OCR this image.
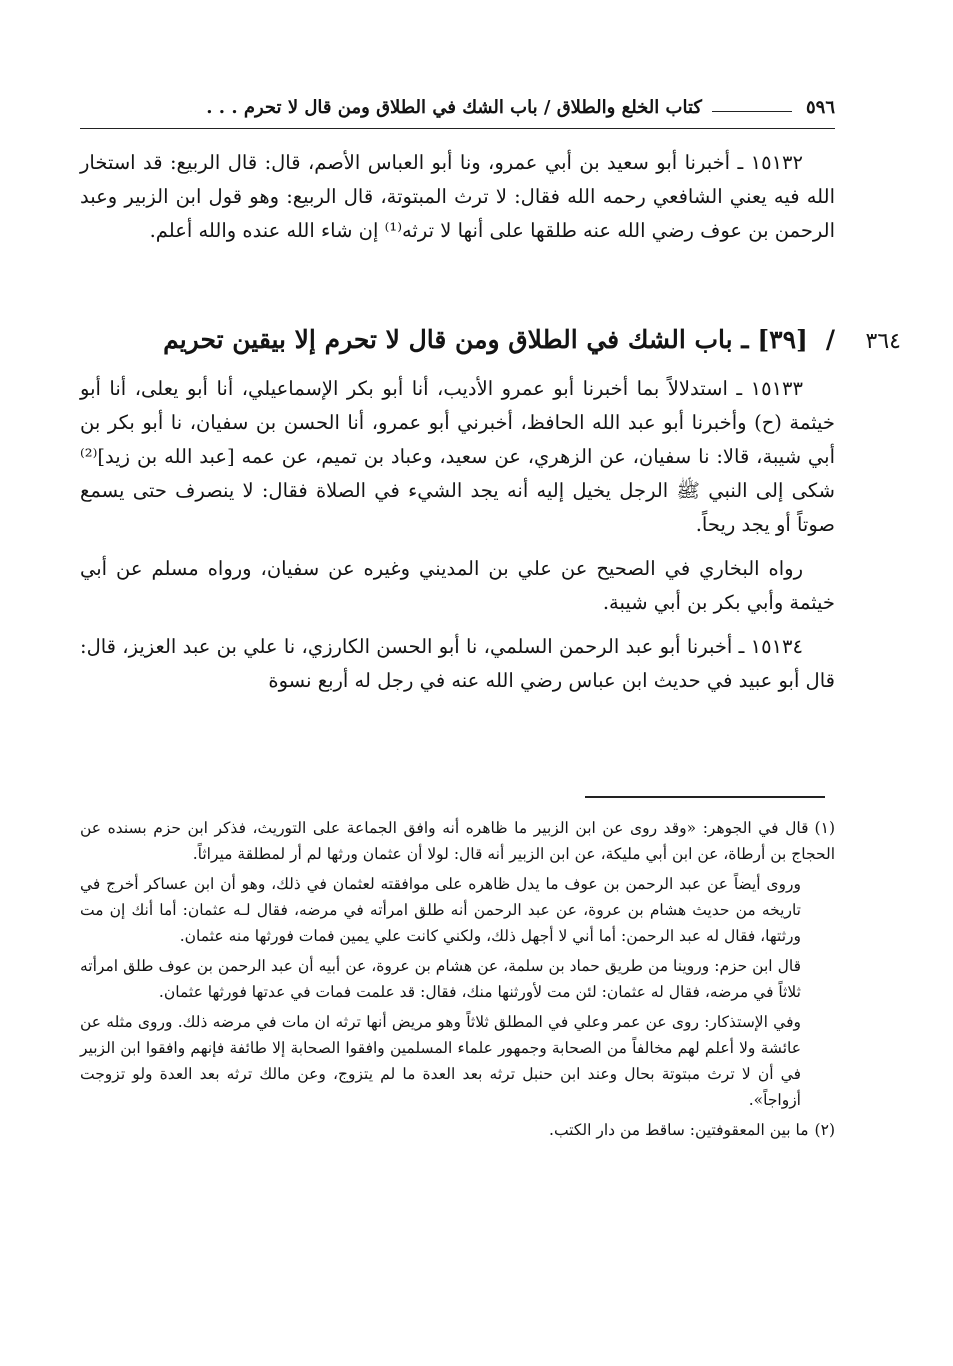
٥٩٦
كتاب الخلع والطلاق / باب الشك في الطلاق ومن قال لا تحرم . . .

١٥١٣٢ ـ أخبرنا أبو سعيد بن أبي عمرو، ونا أبو العباس الأصم، قال: قال الربيع: قد استخار الله فيه يعني الشافعي رحمه الله فقال: لا ترث المبتوتة، قال الربيع: وهو قول ابن الزبير وعبد الرحمن بن عوف رضي الله عنه طلقها على أنها لا ترثه⁽¹⁾ إن شاء الله عنده والله أعلم.

٣٦٤
/
[٣٩] ـ باب الشك في الطلاق ومن قال لا تحرم إلا بيقين تحريم

١٥١٣٣ ـ استدلالاً بما أخبرنا أبو عمرو الأديب، أنا أبو بكر الإسماعيلي، أنا أبو يعلى، أنا أبو خيثمة (ح) وأخبرنا أبو عبد الله الحافظ، أخبرني أبو عمرو، أنا الحسن بن سفيان، نا أبو بكر بن أبي شيبة، قالا: نا سفيان، عن الزهري، عن سعيد، وعباد بن تميم، عن عمه [عبد الله بن زيد]⁽²⁾ شكى إلى النبي ﷺ الرجل يخيل إليه أنه يجد الشيء في الصلاة فقال: لا ينصرف حتى يسمع صوتاً أو يجد ريحاً.

رواه البخاري في الصحيح عن علي بن المديني وغيره عن سفيان، ورواه مسلم عن أبي خيثمة وأبي بكر بن أبي شيبة.

١٥١٣٤ ـ أخبرنا أبو عبد الرحمن السلمي، نا أبو الحسن الكارزي، نا علي بن عبد العزيز، قال: قال أبو عبيد في حديث ابن عباس رضي الله عنه في رجل له أربع نسوة

(١)قال في الجوهر: «وقد روى عن ابن الزبير ما ظاهره أنه وافق الجماعة على التوريث، فذكر ابن حزم بسنده عن الحجاج بن أرطاة، عن ابن أبي مليكة، عن ابن الزبير أنه قال: لولا أن عثمان ورثها لم أر لمطلقة ميراثاً.
وروى أيضاً عن عبد الرحمن بن عوف ما يدل ظاهره على موافقته لعثمان في ذلك، وهو أن ابن عساكر أخرج في تاريخه من حديث هشام بن عروة، عن عبد الرحمن أنه طلق امرأته في مرضه، فقال لـه عثمان: أما أنك إن مت ورثتها، فقال له عبد الرحمن: أما أني لا أجهل ذلك، ولكني كانت علي يمين فمات فورثها منه عثمان.
قال ابن حزم: وروينا من طريق حماد بن سلمة، عن هشام بن عروة، عن أبيه أن عبد الرحمن بن عوف طلق امرأته ثلاثاً في مرضه، فقال له عثمان: لئن مت لأورثنها منك، فقال: قد علمت فمات في عدتها فورثها عثمان.
وفي الإستذكار: روى عن عمر وعلي في المطلق ثلاثاً وهو مريض أنها ترثه ان مات في مرضه ذلك. وروى مثله عن عائشة ولا أعلم لهم مخالفاً من الصحابة وجمهور علماء المسلمين وافقوا الصحابة إلا طائفة فإنهم وافقوا ابن الزبير في أن لا ترث مبتوتة بحال وعند ابن حنبل ترثه بعد العدة ما لم يتزوج، وعن مالك ترثه بعد العدة ولو تزوجت أزواجاً».
(٢)ما بين المعقوفتين: ساقط من دار الكتب.
